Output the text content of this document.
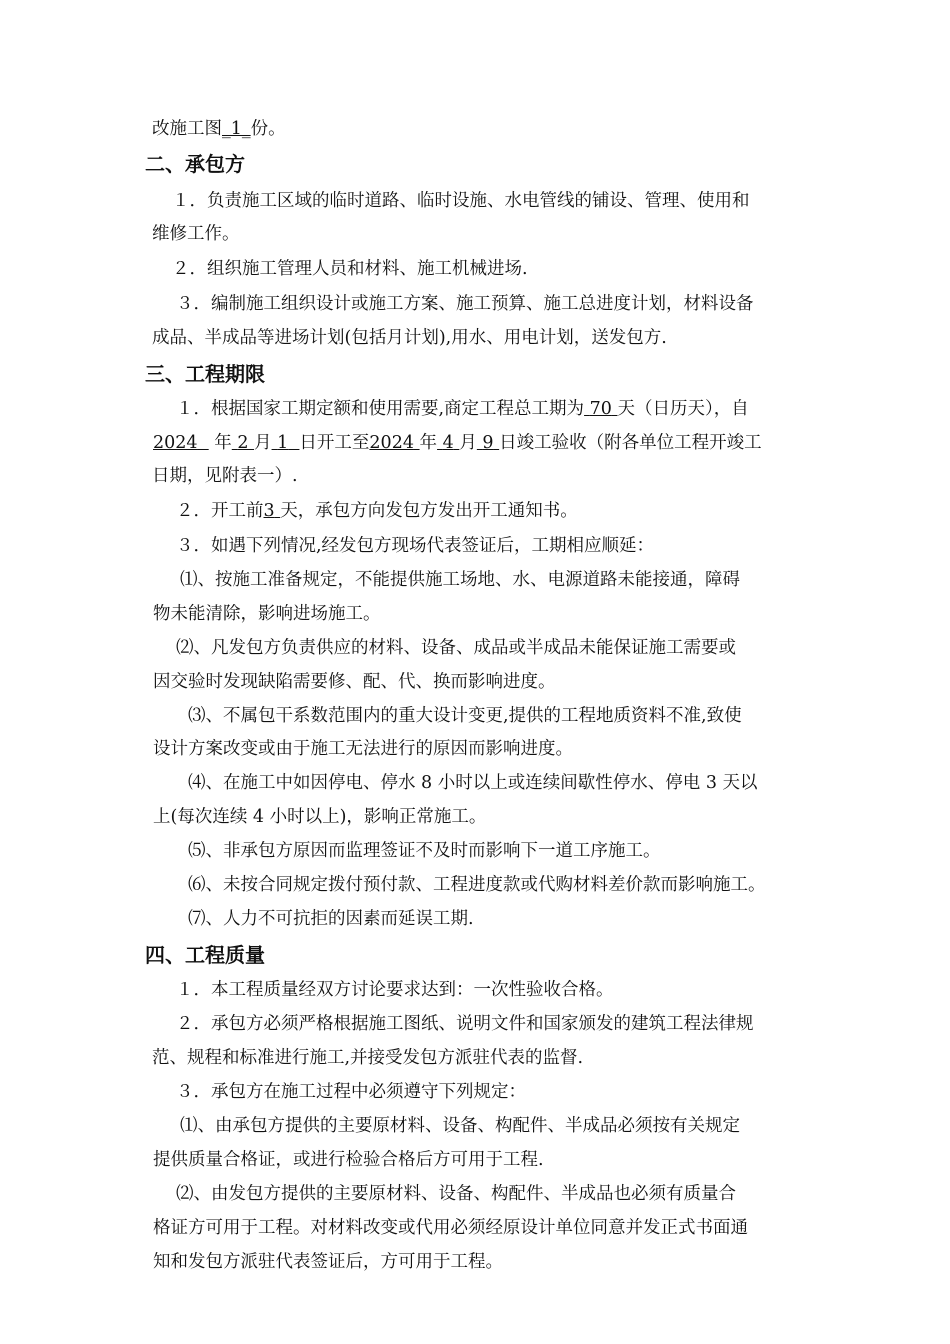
改施工图_1_份。
二、承包方
１．负责施工区域的临时道路、临时设施、水电管线的铺设、管理、使用和
维修工作。
２．组织施工管理人员和材料、施工机械进场.
３．编制施工组织设计或施工方案、施工预算、施工总进度计划，材料设备
成品、半成品等进场计划(包括月计划),用水、用电计划，送发包方.
三、工程期限
１．根据国家工期定额和使用需要,商定工程总工期为 70 天（日历天），自
2024 年 2 月 1 日开工至2024 年 4 月 9 日竣工验收（附各单位工程开竣工
日期，见附表一）.
２．开工前3 天，承包方向发包方发出开工通知书。
３．如遇下列情况,经发包方现场代表签证后，工期相应顺延：
⑴、按施工准备规定，不能提供施工场地、水、电源道路未能接通，障碍
物未能清除，影响进场施工。
⑵、凡发包方负责供应的材料、设备、成品或半成品未能保证施工需要或
因交验时发现缺陷需要修、配、代、换而影响进度。
⑶、不属包干系数范围内的重大设计变更,提供的工程地质资料不准,致使
设计方案改变或由于施工无法进行的原因而影响进度。
⑷、在施工中如因停电、停水 8 小时以上或连续间歇性停水、停电 3 天以
上(每次连续 4 小时以上)，影响正常施工。
⑸、非承包方原因而监理签证不及时而影响下一道工序施工。
⑹、未按合同规定拨付预付款、工程进度款或代购材料差价款而影响施工。
⑺、人力不可抗拒的因素而延误工期.
四、工程质量
１．本工程质量经双方讨论要求达到：一次性验收合格。
２．承包方必须严格根据施工图纸、说明文件和国家颁发的建筑工程法律规
范、规程和标准进行施工,并接受发包方派驻代表的监督.
３．承包方在施工过程中必须遵守下列规定：
⑴、由承包方提供的主要原材料、设备、构配件、半成品必须按有关规定
提供质量合格证，或进行检验合格后方可用于工程.
⑵、由发包方提供的主要原材料、设备、构配件、半成品也必须有质量合
格证方可用于工程。对材料改变或代用必须经原设计单位同意并发正式书面通
知和发包方派驻代表签证后，方可用于工程。
